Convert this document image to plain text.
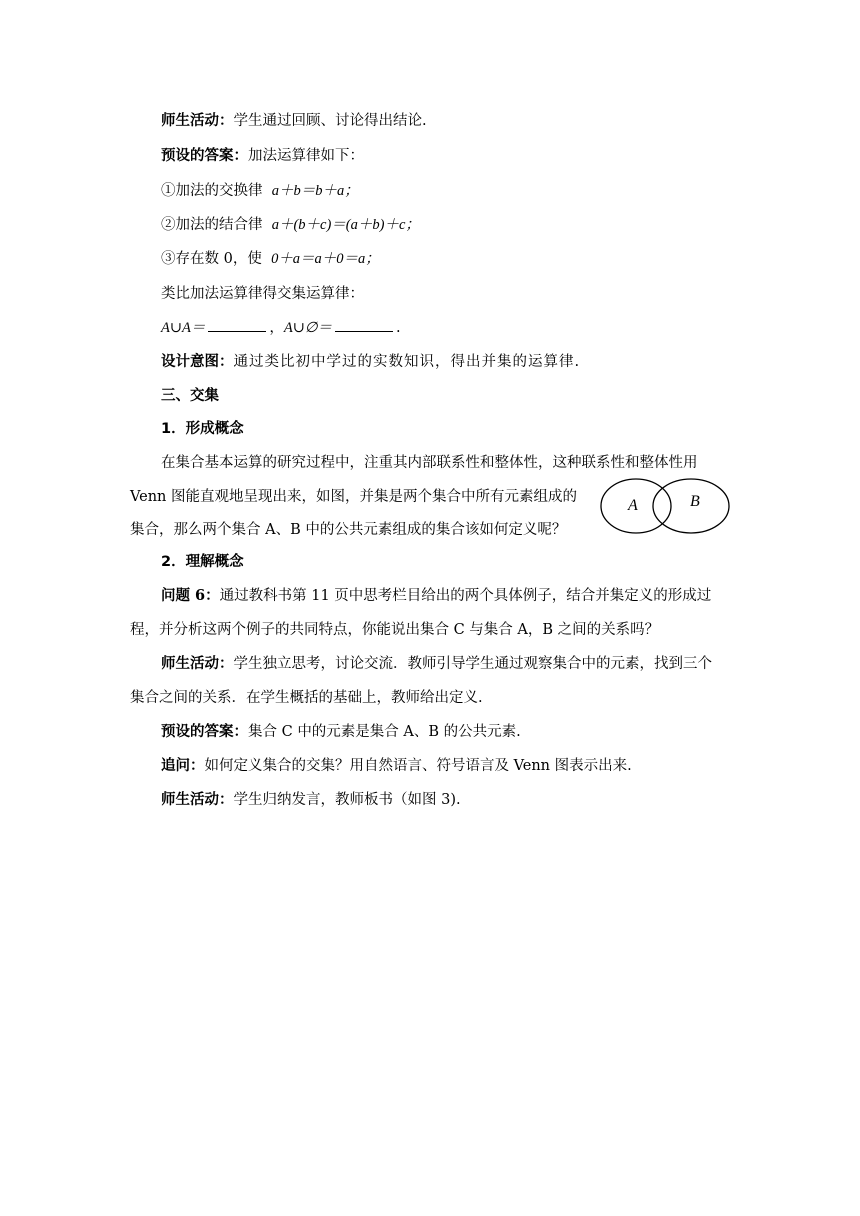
师生活动：学生通过回顾、讨论得出结论.
预设的答案：加法运算律如下：
①加法的交换律 a＋b＝b＋a；
②加法的结合律 a＋(b＋c)＝(a＋b)＋c；
③存在数 0，使 0＋a＝a＋0＝a；
类比加法运算律得交集运算律：
A∪A＝	，A∪∅＝	.
设计意图：通过类比初中学过的实数知识，得出并集的运算律.
三、交集
1．形成概念
在集合基本运算的研究过程中，注重其内部联系性和整体性，这种联系性和整体性用
Venn 图能直观地呈现出来，如图，并集是两个集合中所有元素组成的
集合，那么两个集合 A、B 中的公共元素组成的集合该如何定义呢？
A	B
2．理解概念
问题 6：通过教科书第 11 页中思考栏目给出的两个具体例子，结合并集定义的形成过
程，并分析这两个例子的共同特点，你能说出集合 C 与集合 A，B 之间的关系吗？
师生活动：学生独立思考，讨论交流．教师引导学生通过观察集合中的元素，找到三个
集合之间的关系．在学生概括的基础上，教师给出定义.
预设的答案：集合 C 中的元素是集合 A、B 的公共元素.
追问：如何定义集合的交集？用自然语言、符号语言及 Venn 图表示出来.
师生活动：学生归纳发言，教师板书（如图 3).
